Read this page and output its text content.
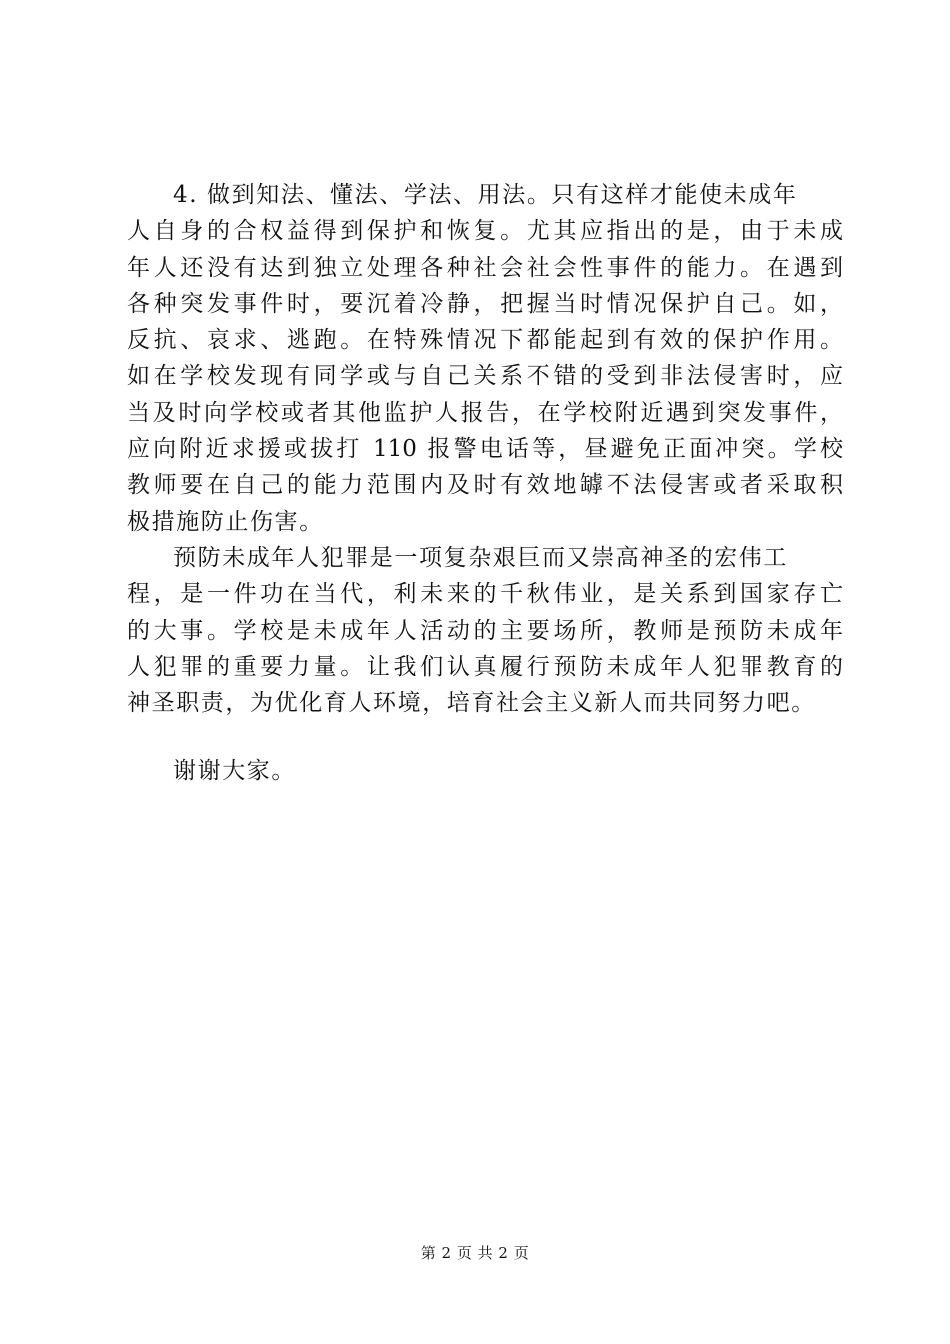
4. 做到知法、懂法、学法、用法。只有这样才能使未成年
人自身的合权益得到保护和恢复。尤其应指出的是，由于未成
年人还没有达到独立处理各种社会社会性事件的能力。在遇到
各种突发事件时，要沉着冷静，把握当时情况保护自己。如，
反抗、哀求、逃跑。在特殊情况下都能起到有效的保护作用。
如在学校发现有同学或与自己关系不错的受到非法侵害时，应
当及时向学校或者其他监护人报告，在学校附近遇到突发事件，
应向附近求援或拔打 110 报警电话等，昼避免正面冲突。学校
教师要在自己的能力范围内及时有效地罅不法侵害或者采取积
极措施防止伤害。
预防未成年人犯罪是一项复杂艰巨而又崇高神圣的宏伟工
程，是一件功在当代，利未来的千秋伟业，是关系到国家存亡
的大事。学校是未成年人活动的主要场所，教师是预防未成年
人犯罪的重要力量。让我们认真履行预防未成年人犯罪教育的
神圣职责，为优化育人环境，培育社会主义新人而共同努力吧。
谢谢大家。
第 2 页 共 2 页
